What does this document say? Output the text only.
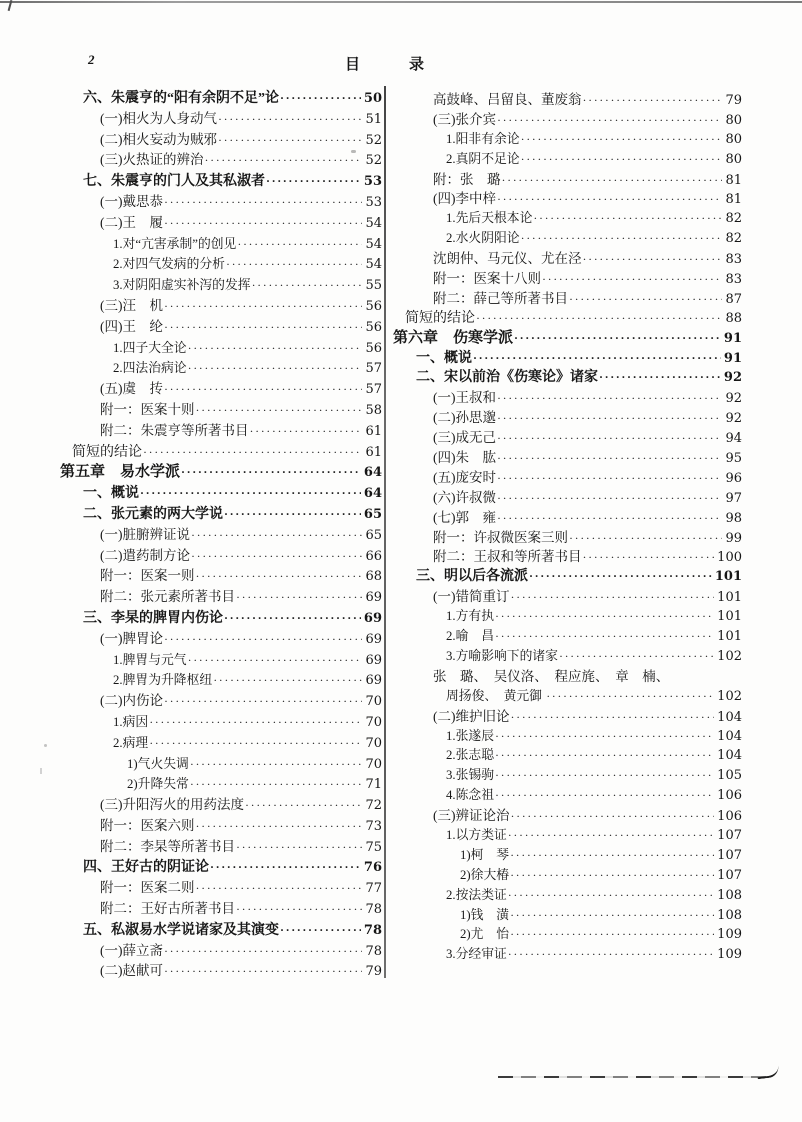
2	目　　　录
六、朱震亨的“阳有余阴不足”论 ·····	50
(一)相火为人身动气 ·····	51
(二)相火妄动为贼邪 ·····	52
(三)火热证的辨治 ·····	52
七、朱震亨的门人及其私淑者 ·····	53
(一)戴思恭 ·····	53
(二)王　履 ·····	54
1.对“亢害承制”的创见 ·····	54
2.对四气发病的分析 ·····	54
3.对阴阳虚实补泻的发挥 ·····	55
(三)汪　机 ·····	56
(四)王　纶 ·····	56
1.四子大全论 ·····	56
2.四法治病论 ·····	57
(五)虞　抟 ·····	57
附一：医案十则 ·····	58
附二：朱震亨等所著书目 ·····	61
简短的结论 ·····	61
第五章　易水学派 ·····	64
一、概说 ·····	64
二、张元素的两大学说 ·····	65
(一)脏腑辨证说 ·····	65
(二)遣药制方论 ·····	66
附一：医案一则 ·····	68
附二：张元素所著书目 ·····	69
三、李杲的脾胃内伤论 ·····	69
(一)脾胃论 ·····	69
1.脾胃与元气 ·····	69
2.脾胃为升降枢纽 ·····	69
(二)内伤论 ·····	70
1.病因 ·····	70
2.病理 ·····	70
1)气火失调 ·····	70
2)升降失常 ·····	71
(三)升阳泻火的用药法度 ·····	72
附一：医案六则 ·····	73
附二：李杲等所著书目 ·····	75
四、王好古的阴证论 ·····	76
附一：医案二则 ·····	77
附二：王好古所著书目 ·····	78
五、私淑易水学说诸家及其演变 ·····	78
(一)薛立斋 ·····	78
(二)赵献可 ·····	79
高鼓峰、吕留良、董废翁 ·····	79
(三)张介宾 ·····	80
1.阳非有余论 ·····	80
2.真阴不足论 ·····	80
附：张　璐 ·····	81
(四)李中梓 ·····	81
1.先后天根本论 ·····	82
2.水火阴阳论 ·····	82
沈朗仲、马元仪、尤在泾 ·····	83
附一：医案十八则 ·····	83
附二：薛己等所著书目 ·····	87
简短的结论 ·····	88
第六章　伤寒学派 ·····	91
一、概说 ·····	91
二、宋以前治《伤寒论》诸家 ·····	92
(一)王叔和 ·····	92
(二)孙思邈 ·····	92
(三)成无己 ·····	94
(四)朱　肱 ·····	95
(五)庞安时 ·····	96
(六)许叔微 ·····	97
(七)郭　雍 ·····	98
附一：许叔微医案三则 ·····	99
附二：王叔和等所著书目 ·····	100
三、明以后各流派 ·····	101
(一)错简重订 ·····	101
1.方有执 ·····	101
2.喻　昌 ·····	101
3.方喻影响下的诸家 ·····	102
张　璐、　吴仪洛、　程应旄、　章　楠、
周扬俊、　黄元御 ·····	102
(二)维护旧论 ·····	104
1.张遂辰 ·····	104
2.张志聪 ·····	104
3.张锡驹 ·····	105
4.陈念祖 ·····	106
(三)辨证论治 ·····	106
1.以方类证 ·····	107
1)柯　琴 ·····	107
2)徐大椿 ·····	107
2.按法类证 ·····	108
1)钱　潢 ·····	108
2)尤　怡 ·····	109
3.分经审证 ·····	109
